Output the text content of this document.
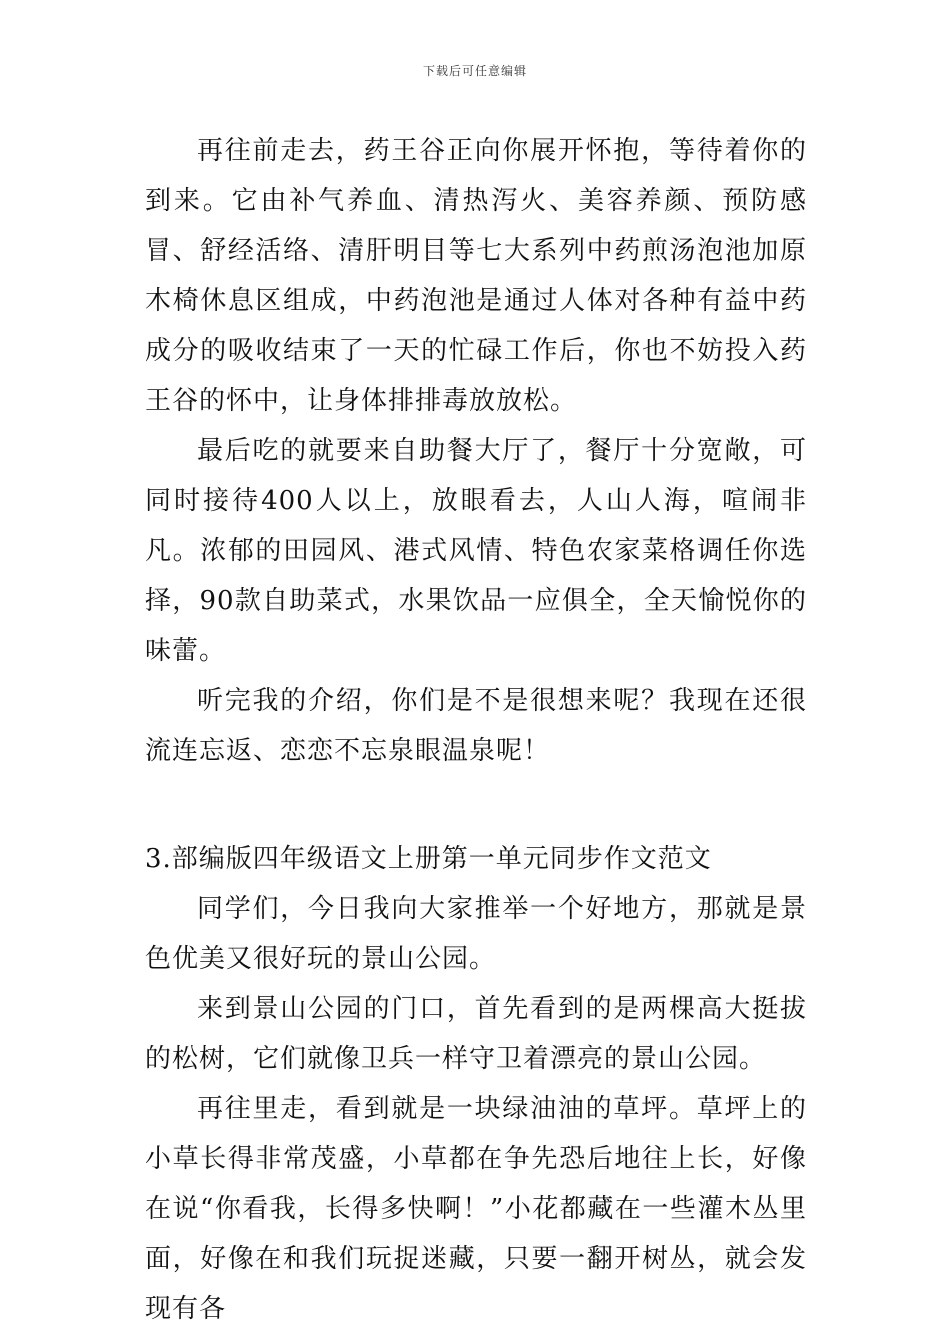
下载后可任意编辑

再往前走去，药王谷正向你展开怀抱，等待着你的到来。它由补气养血、清热泻火、美容养颜、预防感冒、舒经活络、清肝明目等七大系列中药煎汤泡池加原木椅休息区组成，中药泡池是通过人体对各种有益中药成分的吸收结束了一天的忙碌工作后，你也不妨投入药王谷的怀中，让身体排排毒放放松。

最后吃的就要来自助餐大厅了，餐厅十分宽敞，可同时接待400人以上，放眼看去，人山人海，喧闹非凡。浓郁的田园风、港式风情、特色农家菜格调任你选择，90款自助菜式，水果饮品一应俱全，全天愉悦你的味蕾。

听完我的介绍，你们是不是很想来呢？我现在还很流连忘返、恋恋不忘泉眼温泉呢！

3.部编版四年级语文上册第一单元同步作文范文

同学们，今日我向大家推举一个好地方，那就是景色优美又很好玩的景山公园。

来到景山公园的门口，首先看到的是两棵高大挺拔的松树，它们就像卫兵一样守卫着漂亮的景山公园。

再往里走，看到就是一块绿油油的草坪。草坪上的小草长得非常茂盛，小草都在争先恐后地往上长，好像在说“你看我，长得多快啊！”小花都藏在一些灌木丛里面，好像在和我们玩捉迷藏，只要一翻开树丛，就会发现有各
